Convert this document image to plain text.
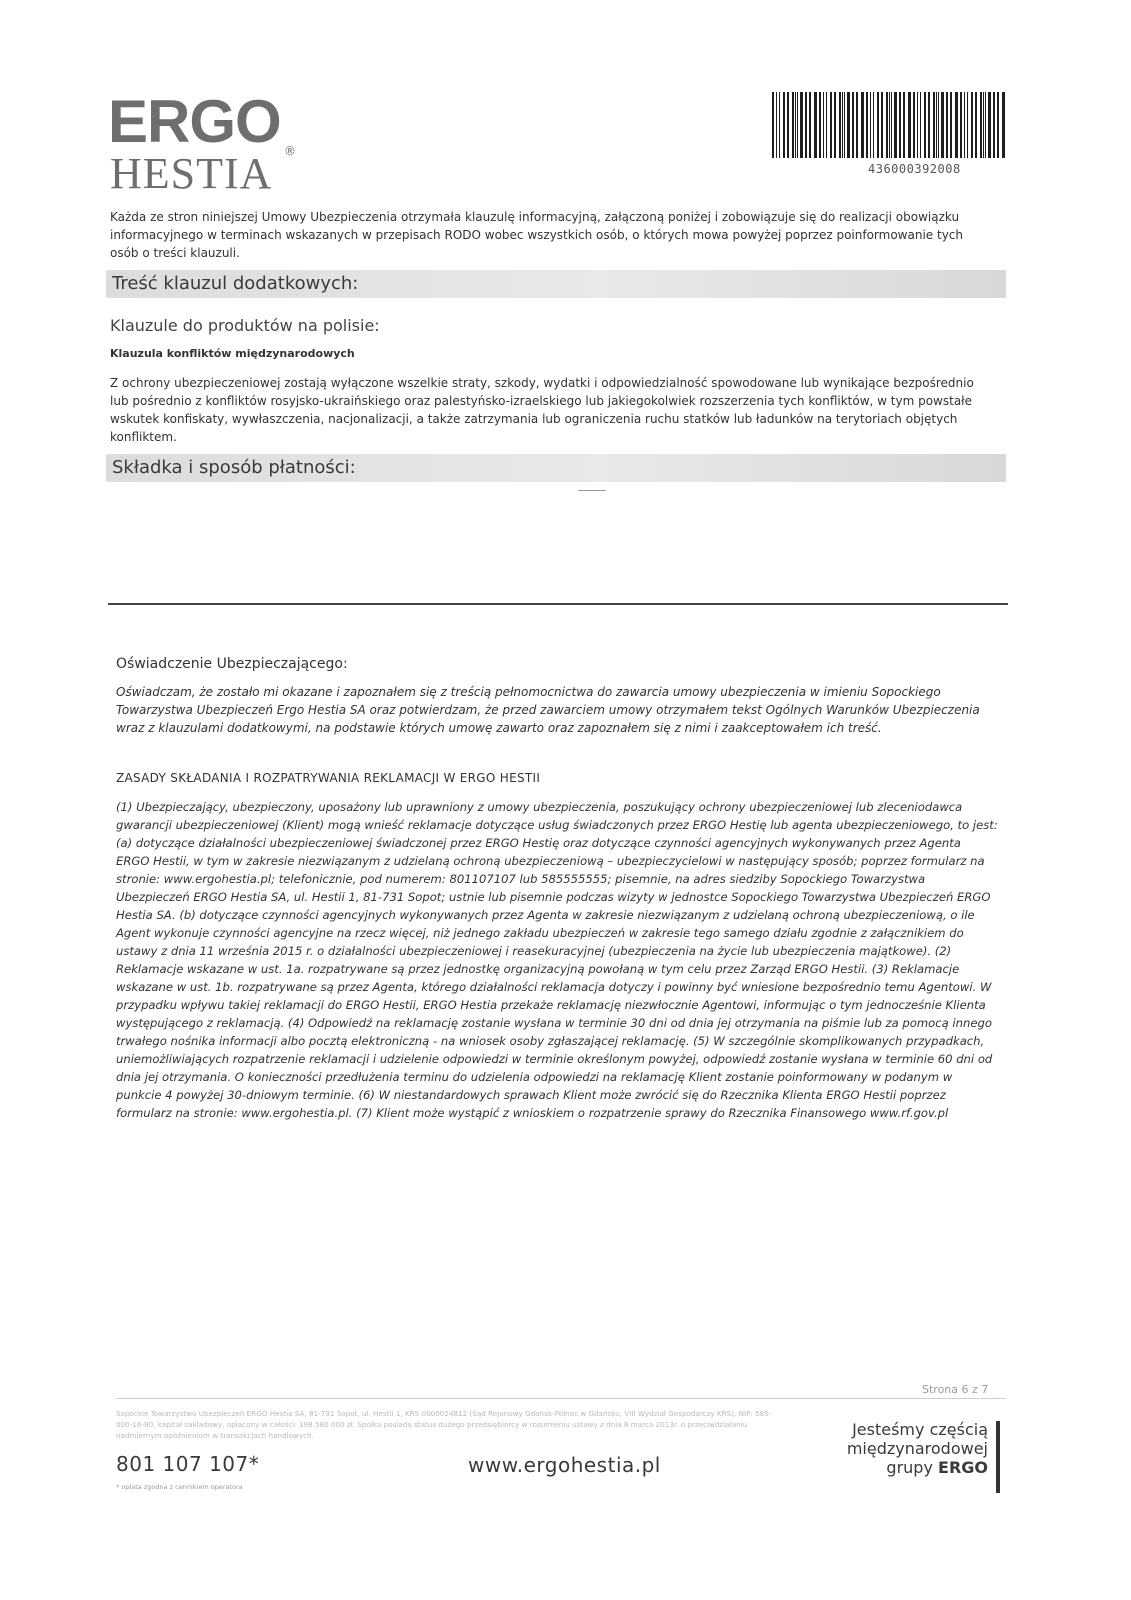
ERGO
HESTIA ®
436000392008
Każda ze stron niniejszej Umowy Ubezpieczenia otrzymała klauzulę informacyjną, załączoną poniżej i zobowiązuje się do realizacji obowiązku informacyjnego w terminach wskazanych w przepisach RODO wobec wszystkich osób, o których mowa powyżej poprzez poinformowanie tych osób o treści klauzuli.
Treść klauzul dodatkowych:
Klauzule do produktów na polisie:
Klauzula konfliktów międzynarodowych
Z ochrony ubezpieczeniowej zostają wyłączone wszelkie straty, szkody, wydatki i odpowiedzialność spowodowane lub wynikające bezpośrednio lub pośrednio z konfliktów rosyjsko-ukraińskiego oraz palestyńsko-izraelskiego lub jakiegokolwiek rozszerzenia tych konfliktów, w tym powstałe wskutek konfiskaty, wywłaszczenia, nacjonalizacji, a także zatrzymania lub ograniczenia ruchu statków lub ładunków na terytoriach objętych konfliktem.
Składka i sposób płatności:
Oświadczenie Ubezpieczającego:
Oświadczam, że zostało mi okazane i zapoznałem się z treścią pełnomocnictwa do zawarcia umowy ubezpieczenia w imieniu Sopockiego Towarzystwa Ubezpieczeń Ergo Hestia SA oraz potwierdzam, że przed zawarciem umowy otrzymałem tekst Ogólnych Warunków Ubezpieczenia wraz z klauzulami dodatkowymi, na podstawie których umowę zawarto oraz zapoznałem się z nimi i zaakceptowałem ich treść.
ZASADY SKŁADANIA I ROZPATRYWANIA REKLAMACJI W ERGO HESTII
(1) Ubezpieczający, ubezpieczony, uposażony lub uprawniony z umowy ubezpieczenia, poszukujący ochrony ubezpieczeniowej lub zleceniodawca gwarancji ubezpieczeniowej (Klient) mogą wnieść reklamacje dotyczące usług świadczonych przez ERGO Hestię lub agenta ubezpieczeniowego, to jest: (a) dotyczące działalności ubezpieczeniowej świadczonej przez ERGO Hestię oraz dotyczące czynności agencyjnych wykonywanych przez Agenta ERGO Hestii, w tym w zakresie niezwiązanym z udzielaną ochroną ubezpieczeniową – ubezpieczycielowi w następujący sposób; poprzez formularz na stronie: www.ergohestia.pl; telefonicznie, pod numerem: 801107107 lub 585555555; pisemnie, na adres siedziby Sopockiego Towarzystwa Ubezpieczeń ERGO Hestia SA, ul. Hestii 1, 81-731 Sopot; ustnie lub pisemnie podczas wizyty w jednostce Sopockiego Towarzystwa Ubezpieczeń ERGO Hestia SA. (b) dotyczące czynności agencyjnych wykonywanych przez Agenta w zakresie niezwiązanym z udzielaną ochroną ubezpieczeniową, o ile Agent wykonuje czynności agencyjne na rzecz więcej, niż jednego zakładu ubezpieczeń w zakresie tego samego działu zgodnie z załącznikiem do ustawy z dnia 11 września 2015 r. o działalności ubezpieczeniowej i reasekuracyjnej (ubezpieczenia na życie lub ubezpieczenia majątkowe). (2) Reklamacje wskazane w ust. 1a. rozpatrywane są przez jednostkę organizacyjną powołaną w tym celu przez Zarząd ERGO Hestii. (3) Reklamacje wskazane w ust. 1b. rozpatrywane są przez Agenta, którego działalności reklamacja dotyczy i powinny być wniesione bezpośrednio temu Agentowi. W przypadku wpływu takiej reklamacji do ERGO Hestii, ERGO Hestia przekaże reklamację niezwłocznie Agentowi, informując o tym jednocześnie Klienta występującego z reklamacją. (4) Odpowiedź na reklamację zostanie wysłana w terminie 30 dni od dnia jej otrzymania na piśmie lub za pomocą innego trwałego nośnika informacji albo pocztą elektroniczną - na wniosek osoby zgłaszającej reklamację. (5) W szczególnie skomplikowanych przypadkach, uniemożliwiających rozpatrzenie reklamacji i udzielenie odpowiedzi w terminie określonym powyżej, odpowiedź zostanie wysłana w terminie 60 dni od dnia jej otrzymania. O konieczności przedłużenia terminu do udzielenia odpowiedzi na reklamację Klient zostanie poinformowany w podanym w punkcie 4 powyżej 30-dniowym terminie. (6) W niestandardowych sprawach Klient może zwrócić się do Rzecznika Klienta ERGO Hestii poprzez formularz na stronie: www.ergohestia.pl. (7) Klient może wystąpić z wnioskiem o rozpatrzenie sprawy do Rzecznika Finansowego www.rf.gov.pl
Strona 6 z 7
Sopockie Towarzystwo Ubezpieczeń ERGO Hestia SA, 81-731 Sopot, ul. Hestii 1, KRS 0000024812 (Sąd Rejonowy Gdańsk-Północ w Gdańsku, VIII Wydział Gospodarczy KRS), NIP: 585-000-16-90, kapitał zakładowy, opłacony w całości: 198 580 000 zł. Spółka posiada status dużego przedsiębiorcy w rozumieniu ustawy z dnia 8 marca 2013r. o przeciwdziałaniu nadmiernym opóźnieniom w transakcjach handlowych.
801 107 107*
* opłata zgodna z cennikiem operatora
www.ergohestia.pl
Jesteśmy częścią
międzynarodowej
grupy ERGO
